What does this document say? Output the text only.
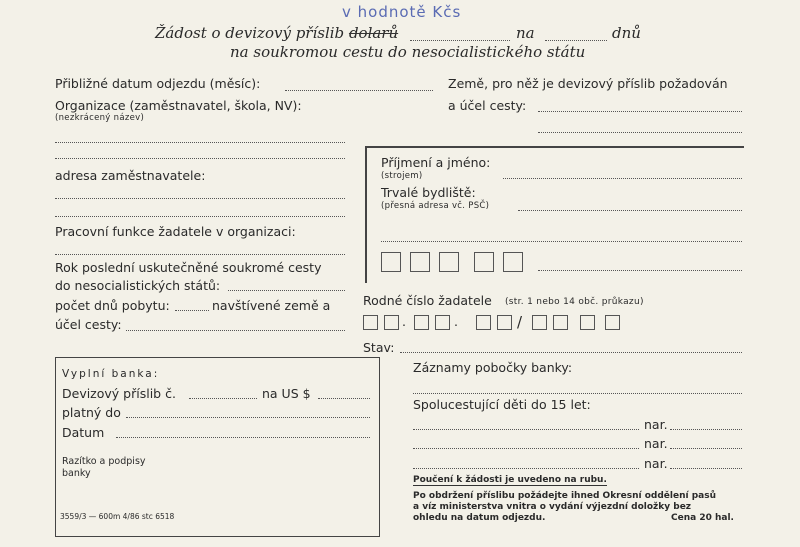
v hodnotě Kčs
Žádost o devizový příslib dolarů	na	dnů
na soukromou cestu do nesocialistického státu
Přibližné datum odjezdu (měsíc):
Organizace (zaměstnavatel, škola, NV):
(nezkrácený název)
adresa zaměstnavatele:
Pracovní funkce žadatele v organizaci:
Rok poslední uskutečněné soukromé cesty
do nesocialistických států:
počet dnů pobytu:	navštívené země a
účel cesty:
Země, pro něž je devizový příslib požadován
a účel cesty:
Příjmení a jméno:
(strojem)
Trvalé bydliště:
(přesná adresa vč. PSČ)
Rodné číslo žadatele (str. 1 nebo 14 obč. průkazu)
.	.	/
Stav:
Vyplní banka:
Devizový příslib č.	na US $
platný do
Datum
Razítko a podpisy
banky
Záznamy pobočky banky:
Spolucestující děti do 15 let:
nar.
nar.
nar.
Poučení k žádosti je uvedeno na rubu.
Po obdržení příslibu požádejte ihned Okresní oddělení pasů
a víz ministerstva vnitra o vydání výjezdní doložky bez
ohledu na datum odjezdu.	Cena 20 hal.
3559/3 — 600m 4/86 stc 6518
